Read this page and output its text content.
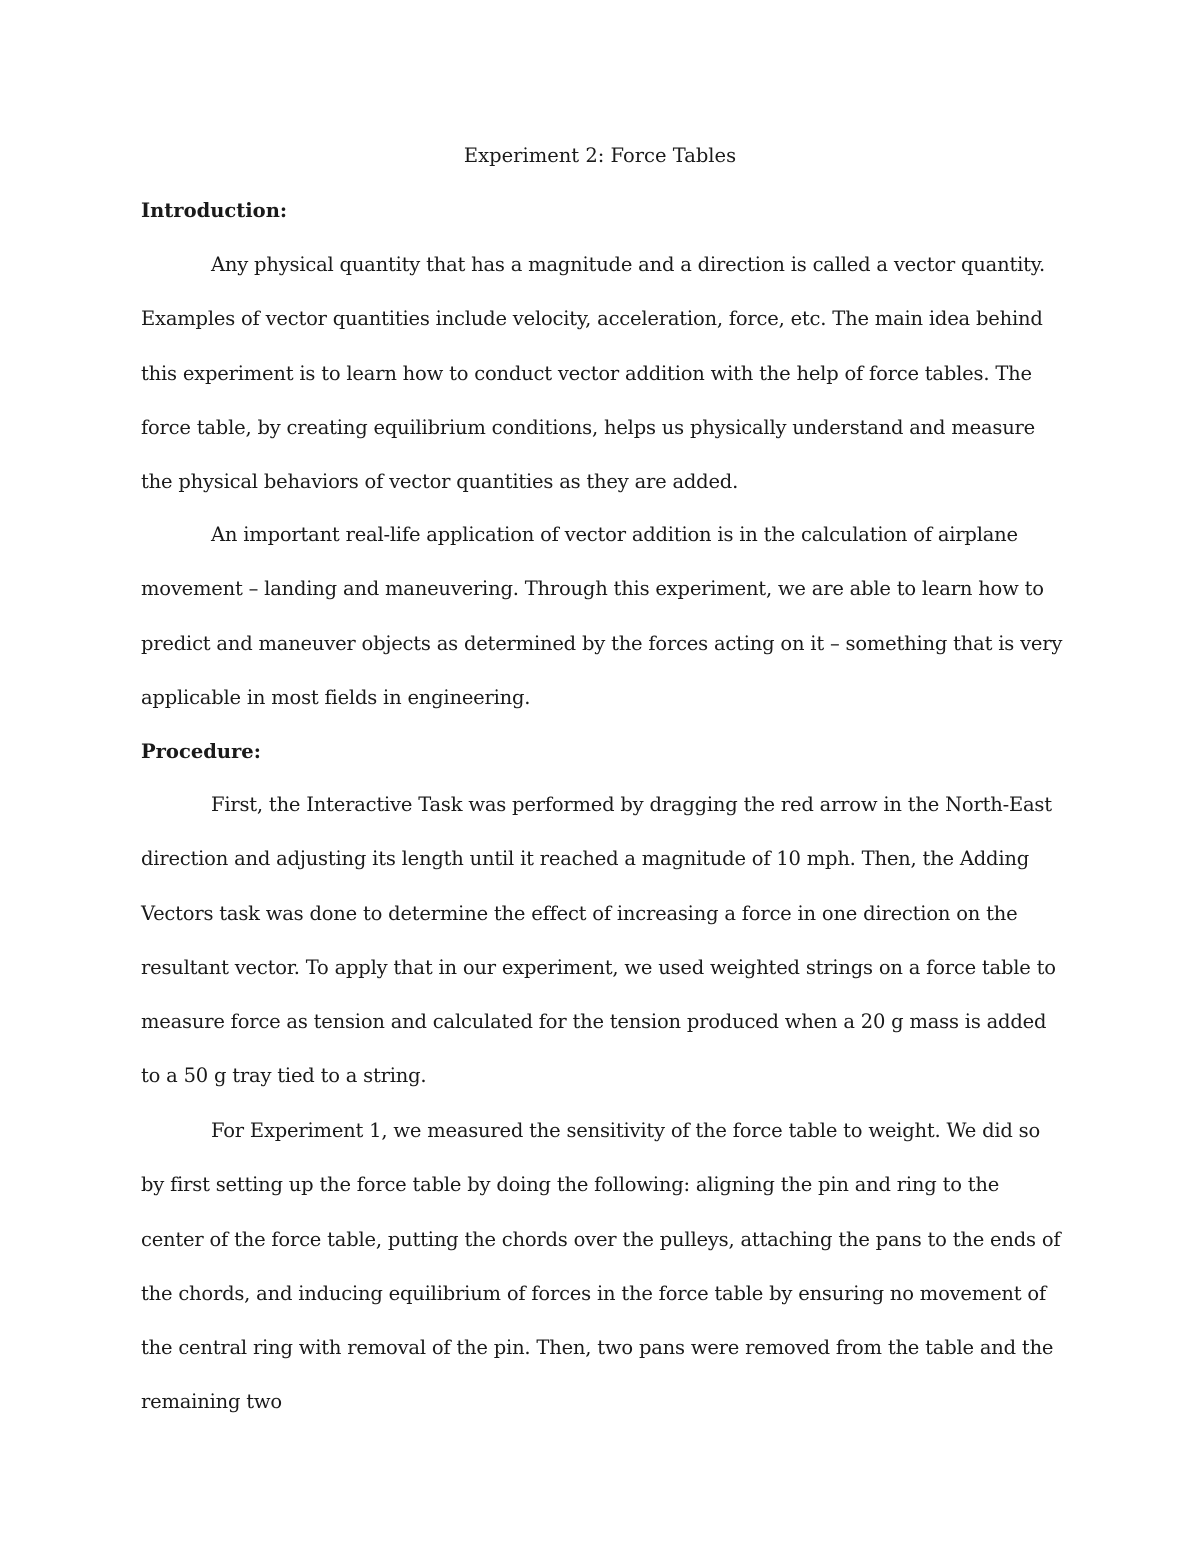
Experiment 2: Force Tables
Introduction:

Any physical quantity that has a magnitude and a direction is called a vector quantity. Examples of vector quantities include velocity, acceleration, force, etc. The main idea behind this experiment is to learn how to conduct vector addition with the help of force tables. The force table, by creating equilibrium conditions, helps us physically understand and measure the physical behaviors of vector quantities as they are added.

An important real-life application of vector addition is in the calculation of airplane movement – landing and maneuvering. Through this experiment, we are able to learn how to predict and maneuver objects as determined by the forces acting on it – something that is very applicable in most fields in engineering.

Procedure:

First, the Interactive Task was performed by dragging the red arrow in the North-East direction and adjusting its length until it reached a magnitude of 10 mph. Then, the Adding Vectors task was done to determine the effect of increasing a force in one direction on the resultant vector. To apply that in our experiment, we used weighted strings on a force table to measure force as tension and calculated for the tension produced when a 20 g mass is added to a 50 g tray tied to a string.

For Experiment 1, we measured the sensitivity of the force table to weight. We did so by first setting up the force table by doing the following: aligning the pin and ring to the center of the force table, putting the chords over the pulleys, attaching the pans to the ends of the chords, and inducing equilibrium of forces in the force table by ensuring no movement of the central ring with removal of the pin. Then, two pans were removed from the table and the remaining two
